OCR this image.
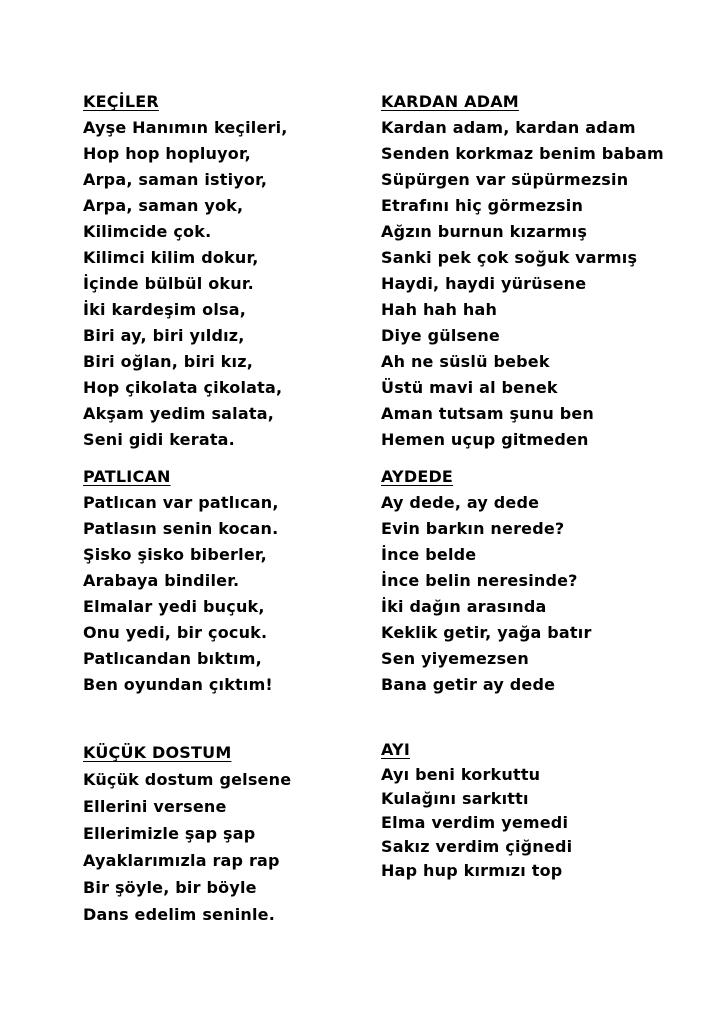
KEÇİLER
Ayşe Hanımın keçileri,
Hop hop hopluyor,
Arpa, saman istiyor,
Arpa, saman yok,
Kilimcide çok.
Kilimci kilim dokur,
İçinde bülbül okur.
İki kardeşim olsa,
Biri ay, biri yıldız,
Biri oğlan, biri kız,
Hop çikolata çikolata,
Akşam yedim salata,
Seni gidi kerata.
KARDAN ADAM
Kardan adam, kardan adam
Senden korkmaz benim babam
Süpürgen var süpürmezsin
Etrafını hiç görmezsin
Ağzın burnun kızarmış
Sanki pek çok soğuk varmış
Haydi, haydi yürüsene
Hah hah hah
Diye gülsene
Ah ne süslü bebek
Üstü mavi al benek
Aman tutsam şunu ben
Hemen uçup gitmeden
PATLICAN
Patlıcan var patlıcan,
Patlasın senin kocan.
Şisko şisko biberler,
Arabaya bindiler.
Elmalar yedi buçuk,
Onu yedi, bir çocuk.
Patlıcandan bıktım,
Ben oyundan çıktım!
AYDEDE
Ay dede, ay dede
Evin barkın nerede?
İnce belde
İnce belin neresinde?
İki dağın arasında
Keklik getir, yağa batır
Sen yiyemezsen
Bana getir ay dede
KÜÇÜK DOSTUM
Küçük dostum gelsene
Ellerini versene
Ellerimizle şap şap
Ayaklarımızla rap rap
Bir şöyle, bir böyle
Dans edelim seninle.
AYI
Ayı beni korkuttu
Kulağını sarkıttı
Elma verdim yemedi
Sakız verdim çiğnedi
Hap hup kırmızı top
